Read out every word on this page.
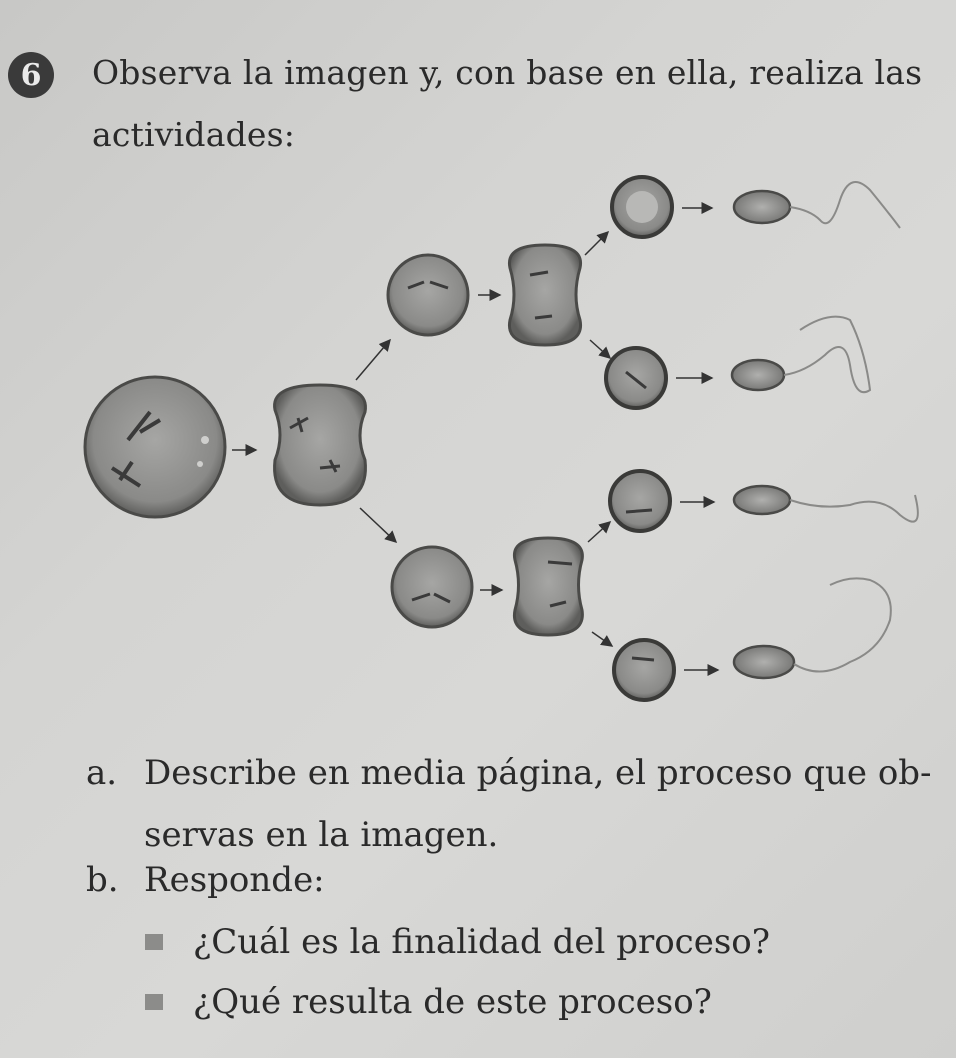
6	Observa la imagen y, con base en ella, realiza las
actividades:
a. Describe en media página, el proceso que ob-
servas en la imagen.
b. Responde:
¿Cuál es la finalidad del proceso?
¿Qué resulta de este proceso?
